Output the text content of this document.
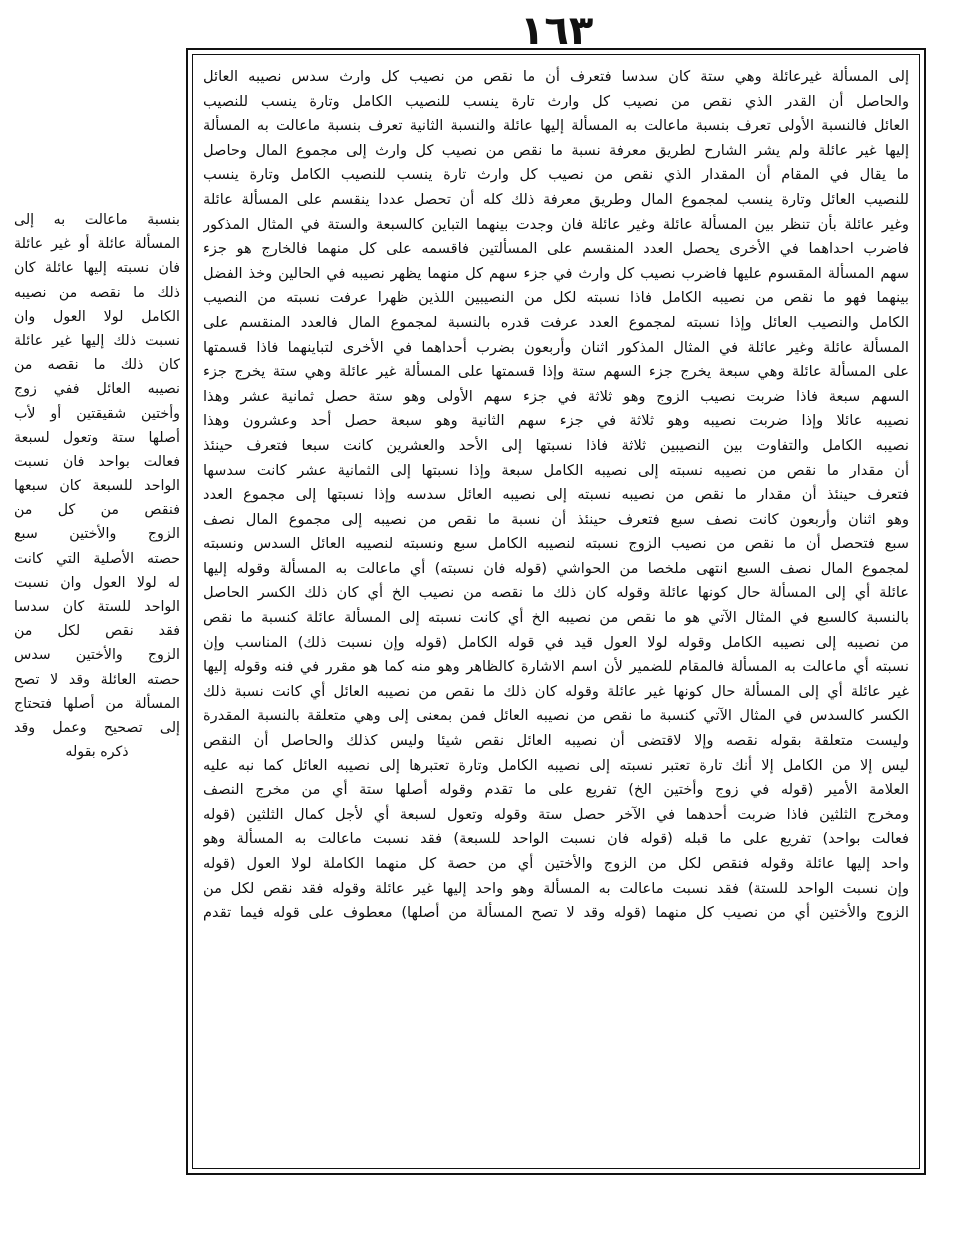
١٦٣
بنسبة ماعالت به إلى
المسألة عائلة أو غير عائلة
فان نسبته إليها عائلة كان
ذلك ما نقصه من نصيبه
الكامل لولا العول وان
نسبت ذلك إليها غير عائلة
كان ذلك ما نقصه من
نصيبه العائل ففي زوج
وأختين شقيقتين أو لأب
أصلها ستة وتعول لسبعة
فعالت بواحد فان نسبت
الواحد للسبعة كان سبعها
فنقص من كل من
الزوج والأختين سبع
حصته الأصلية التي كانت
له لولا العول وان نسبت
الواحد للستة كان سدسا
فقد نقص لكل من
الزوج والأختين سدس
حصته العائلة وقد لا تصح
المسألة من أصلها فتحتاج
إلى تصحيح وعمل وقد
ذكره بقوله
إلى المسألة غيرعائلة وهي ستة كان سدسا فتعرف أن ما نقص من نصيب كل وارث سدس نصيبه العائل
والحاصل أن القدر الذي نقص من نصيب كل وارث تارة ينسب للنصيب الكامل وتارة ينسب للنصيب
العائل فالنسبة الأولى تعرف بنسبة ماعالت به المسألة إليها عائلة والنسبة الثانية تعرف بنسبة ماعالت به المسألة
إليها غير عائلة ولم يشر الشارح لطريق معرفة نسبة ما نقص من نصيب كل وارث إلى مجموع المال وحاصل
ما يقال في المقام أن المقدار الذي نقص من نصيب كل وارث تارة ينسب للنصيب الكامل وتارة ينسب
للنصيب العائل وتارة ينسب لمجموع المال وطريق معرفة ذلك كله أن تحصل عددا ينقسم على المسألة عائلة
وغير عائلة بأن تنظر بين المسألة عائلة وغير عائلة فان وجدت بينهما التباين كالسبعة والستة في المثال المذكور
فاضرب احداهما في الأخرى يحصل العدد المنقسم على المسألتين فاقسمه على كل منهما فالخارج هو جزء
سهم المسألة المقسوم عليها فاضرب نصيب كل وارث في جزء سهم كل منهما يظهر نصيبه في الحالين وخذ الفضل
بينهما فهو ما نقص من نصيبه الكامل فاذا نسبته لكل من النصيبين اللذين ظهرا عرفت نسبته من النصيب
الكامل والنصيب العائل وإذا نسبته لمجموع العدد عرفت قدره بالنسبة لمجموع المال فالعدد المنقسم على
المسألة عائلة وغير عائلة في المثال المذكور اثنان وأربعون بضرب أحداهما في الأخرى لتباينهما فاذا قسمتها
على المسألة عائلة وهي سبعة يخرج جزء السهم ستة وإذا قسمتها على المسألة غير عائلة وهي ستة يخرج جزء
السهم سبعة فاذا ضربت نصيب الزوج وهو ثلاثة في جزء سهم الأولى وهو ستة حصل ثمانية عشر وهذا
نصيبه عائلا وإذا ضربت نصيبه وهو ثلاثة في جزء سهم الثانية وهو سبعة حصل أحد وعشرون وهذا
نصيبه الكامل والتفاوت بين النصيبين ثلاثة فاذا نسبتها إلى الأحد والعشرين كانت سبعا فتعرف حينئذ
أن مقدار ما نقص من نصيبه نسبته إلى نصيبه الكامل سبعة وإذا نسبتها إلى الثمانية عشر كانت سدسها
فتعرف حينئذ أن مقدار ما نقص من نصيبه نسبته إلى نصيبه العائل سدسه وإذا نسبتها إلى مجموع العدد
وهو اثنان وأربعون كانت نصف سبع فتعرف حينئذ أن نسبة ما نقص من نصيبه إلى مجموع المال نصف
سبع فتحصل أن ما نقص من نصيب الزوج نسبته لنصيبه الكامل سبع ونسبته لنصيبه العائل السدس ونسبته
لمجموع المال نصف السبع انتهى ملخصا من الحواشي (قوله فان نسبته) أي ماعالت به المسألة وقوله إليها
عائلة أي إلى المسألة حال كونها عائلة وقوله كان ذلك ما نقصه من نصيب الخ أي كان ذلك الكسر الحاصل
بالنسبة كالسبع في المثال الآتي هو ما نقص من نصيبه الخ أي كانت نسبته إلى المسألة عائلة كنسبة ما نقص
من نصيبه إلى نصيبه الكامل وقوله لولا العول قيد في قوله الكامل (قوله وإن نسبت ذلك) المناسب وإن
نسبته أي ماعالت به المسألة فالمقام للضمير لأن اسم الاشارة كالظاهر وهو منه كما هو مقرر في فنه وقوله إليها
غير عائلة أي إلى المسألة حال كونها غير عائلة وقوله كان ذلك ما نقص من نصيبه العائل أي كانت نسبة ذلك
الكسر كالسدس في المثال الآتي كنسبة ما نقص من نصيبه العائل فمن بمعنى إلى وهي متعلقة بالنسبة المقدرة
وليست متعلقة بقوله نقصه وإلا لاقتضى أن نصيبه العائل نقص شيئا وليس كذلك والحاصل أن النقص
ليس إلا من الكامل إلا أنك تارة تعتبر نسبته إلى نصيبه الكامل وتارة تعتبرها إلى نصيبه العائل كما نبه عليه
العلامة الأمير (قوله في زوج وأختين الخ) تفريع على ما تقدم وقوله أصلها ستة أي من مخرج النصف
ومخرج الثلثين فاذا ضربت أحدهما في الآخر حصل ستة وقوله وتعول لسبعة أي لأجل كمال الثلثين (قوله
فعالت بواحد) تفريع على ما قبله (قوله فان نسبت الواحد للسبعة) فقد نسبت ماعالت به المسألة وهو
واحد إليها عائلة وقوله فنقص لكل من الزوج والأختين أي من حصة كل منهما الكاملة لولا العول (قوله
وإن نسبت الواحد للستة) فقد نسبت ماعالت به المسألة وهو واحد إليها غير عائلة وقوله فقد نقص لكل من
الزوج والأختين أي من نصيب كل منهما (قوله وقد لا تصح المسألة من أصلها) معطوف على قوله فيما تقدم
